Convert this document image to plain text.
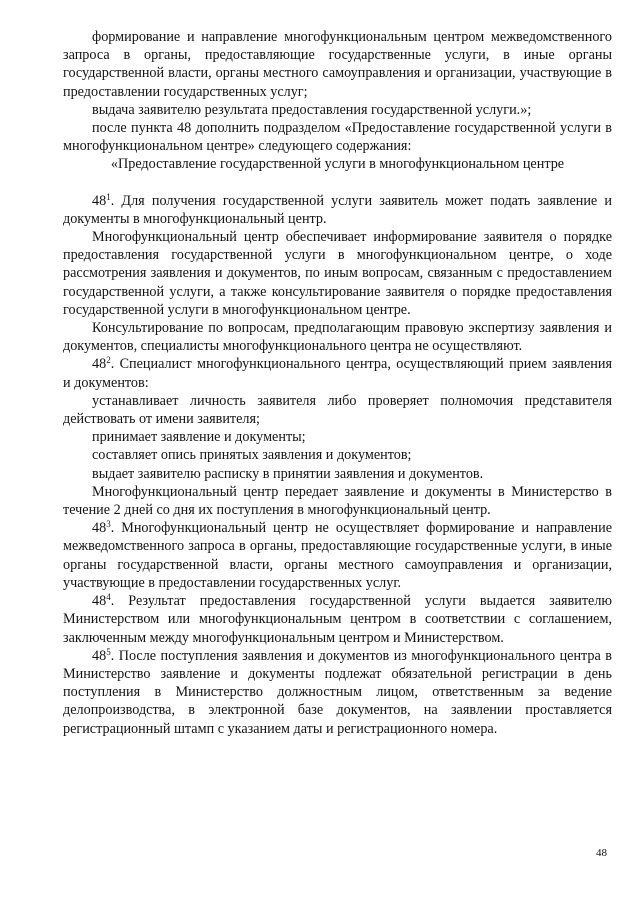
формирование и направление многофункциональным центром межведомственного запроса в органы, предоставляющие государственные услуги, в иные органы государственной власти, органы местного самоуправления и организации, участвующие в предоставлении государственных услуг;

выдача заявителю результата предоставления государственной услуги.»;

после пункта 48 дополнить подразделом «Предоставление государственной услуги в многофункциональном центре» следующего содержания:

«Предоставление государственной услуги в многофункциональном центре

$48^1$. Для получения государственной услуги заявитель может подать заявление и документы в многофункциональный центр.

Многофункциональный центр обеспечивает информирование заявителя о порядке предоставления государственной услуги в многофункциональном центре, о ходе рассмотрения заявления и документов, по иным вопросам, связанным с предоставлением государственной услуги, а также консультирование заявителя о порядке предоставления государственной услуги в многофункциональном центре.

Консультирование по вопросам, предполагающим правовую экспертизу заявления и документов, специалисты многофункционального центра не осуществляют.

$48^2$. Специалист многофункционального центра, осуществляющий прием заявления и документов:

устанавливает личность заявителя либо проверяет полномочия представителя действовать от имени заявителя;

принимает заявление и документы;

составляет опись принятых заявления и документов;

выдает заявителю расписку в принятии заявления и документов.

Многофункциональный центр передает заявление и документы в Министерство в течение 2 дней со дня их поступления в многофункциональный центр.

$48^3$. Многофункциональный центр не осуществляет формирование и направление межведомственного запроса в органы, предоставляющие государственные услуги, в иные органы государственной власти, органы местного самоуправления и организации, участвующие в предоставлении государственных услуг.

$48^4$. Результат предоставления государственной услуги выдается заявителю Министерством или многофункциональным центром в соответствии с соглашением, заключенным между многофункциональным центром и Министерством.

$48^5$. После поступления заявления и документов из многофункционального центра в Министерство заявление и документы подлежат обязательной регистрации в день поступления в Министерство должностным лицом, ответственным за ведение делопроизводства, в электронной базе документов, на заявлении проставляется регистрационный штамп с указанием даты и регистрационного номера.

48
